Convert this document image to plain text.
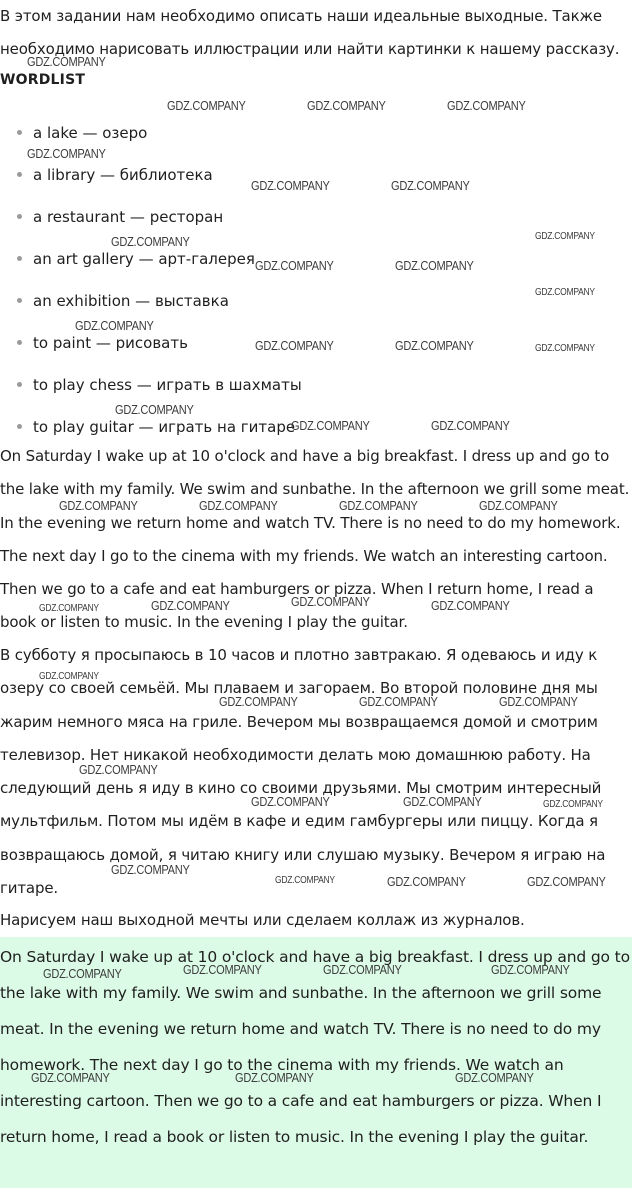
В этом задании нам необходимо описать наши идеальные выходные. Также необходимо нарисовать иллюстрации или найти картинки к нашему рассказу.

WORDLIST
a lake — озеро
a library — библиотека
a restaurant — ресторан
an art gallery — арт-галерея
an exhibition — выставка
to paint — рисовать
to play chess — играть в шахматы
to play guitar — играть на гитаре

On Saturday I wake up at 10 o'clock and have a big breakfast. I dress up and go to the lake with my family. We swim and sunbathe. In the afternoon we grill some meat. In the evening we return home and watch TV. There is no need to do my homework. The next day I go to the cinema with my friends. We watch an interesting cartoon. Then we go to a cafe and eat hamburgers or pizza. When I return home, I read a book or listen to music. In the evening I play the guitar.

В субботу я просыпаюсь в 10 часов и плотно завтракаю. Я одеваюсь и иду к озеру со своей семьёй. Мы плаваем и загораем. Во второй половине дня мы жарим немного мяса на гриле. Вечером мы возвращаемся домой и смотрим телевизор. Нет никакой необходимости делать мою домашнюю работу. На следующий день я иду в кино со своими друзьями. Мы смотрим интересный мультфильм. Потом мы идём в кафе и едим гамбургеры или пиццу. Когда я возвращаюсь домой, я читаю книгу или слушаю музыку. Вечером я играю на гитаре.

Нарисуем наш выходной мечты или сделаем коллаж из журналов.

On Saturday I wake up at 10 o'clock and have a big breakfast. I dress up and go to the lake with my family. We swim and sunbathe. In the afternoon we grill some meat. In the evening we return home and watch TV. There is no need to do my homework. The next day I go to the cinema with my friends. We watch an interesting cartoon. Then we go to a cafe and eat hamburgers or pizza. When I return home, I read a book or listen to music. In the evening I play the guitar.

GDZ.COMPANY
GDZ.COMPANY	GDZ.COMPANY	GDZ.COMPANY
GDZ.COMPANY
GDZ.COMPANY	GDZ.COMPANY
GDZ.COMPANY
GDZ.COMPANY
GDZ.COMPANY	GDZ.COMPANY
GDZ.COMPANY
GDZ.COMPANY
GDZ.COMPANY	GDZ.COMPANY	GDZ.COMPANY
GDZ.COMPANY
GDZ.COMPANY	GDZ.COMPANY
GDZ.COMPANY	GDZ.COMPANY	GDZ.COMPANY	GDZ.COMPANY
GDZ.COMPANY
GDZ.COMPANY	GDZ.COMPANY	GDZ.COMPANY
GDZ.COMPANY
GDZ.COMPANY	GDZ.COMPANY	GDZ.COMPANY
GDZ.COMPANY
GDZ.COMPANY	GDZ.COMPANY	GDZ.COMPANY
GDZ.COMPANY
GDZ.COMPANY	GDZ.COMPANY	GDZ.COMPANY
GDZ.COMPANY	GDZ.COMPANY	GDZ.COMPANY	GDZ.COMPANY
GDZ.COMPANY	GDZ.COMPANY	GDZ.COMPANY
